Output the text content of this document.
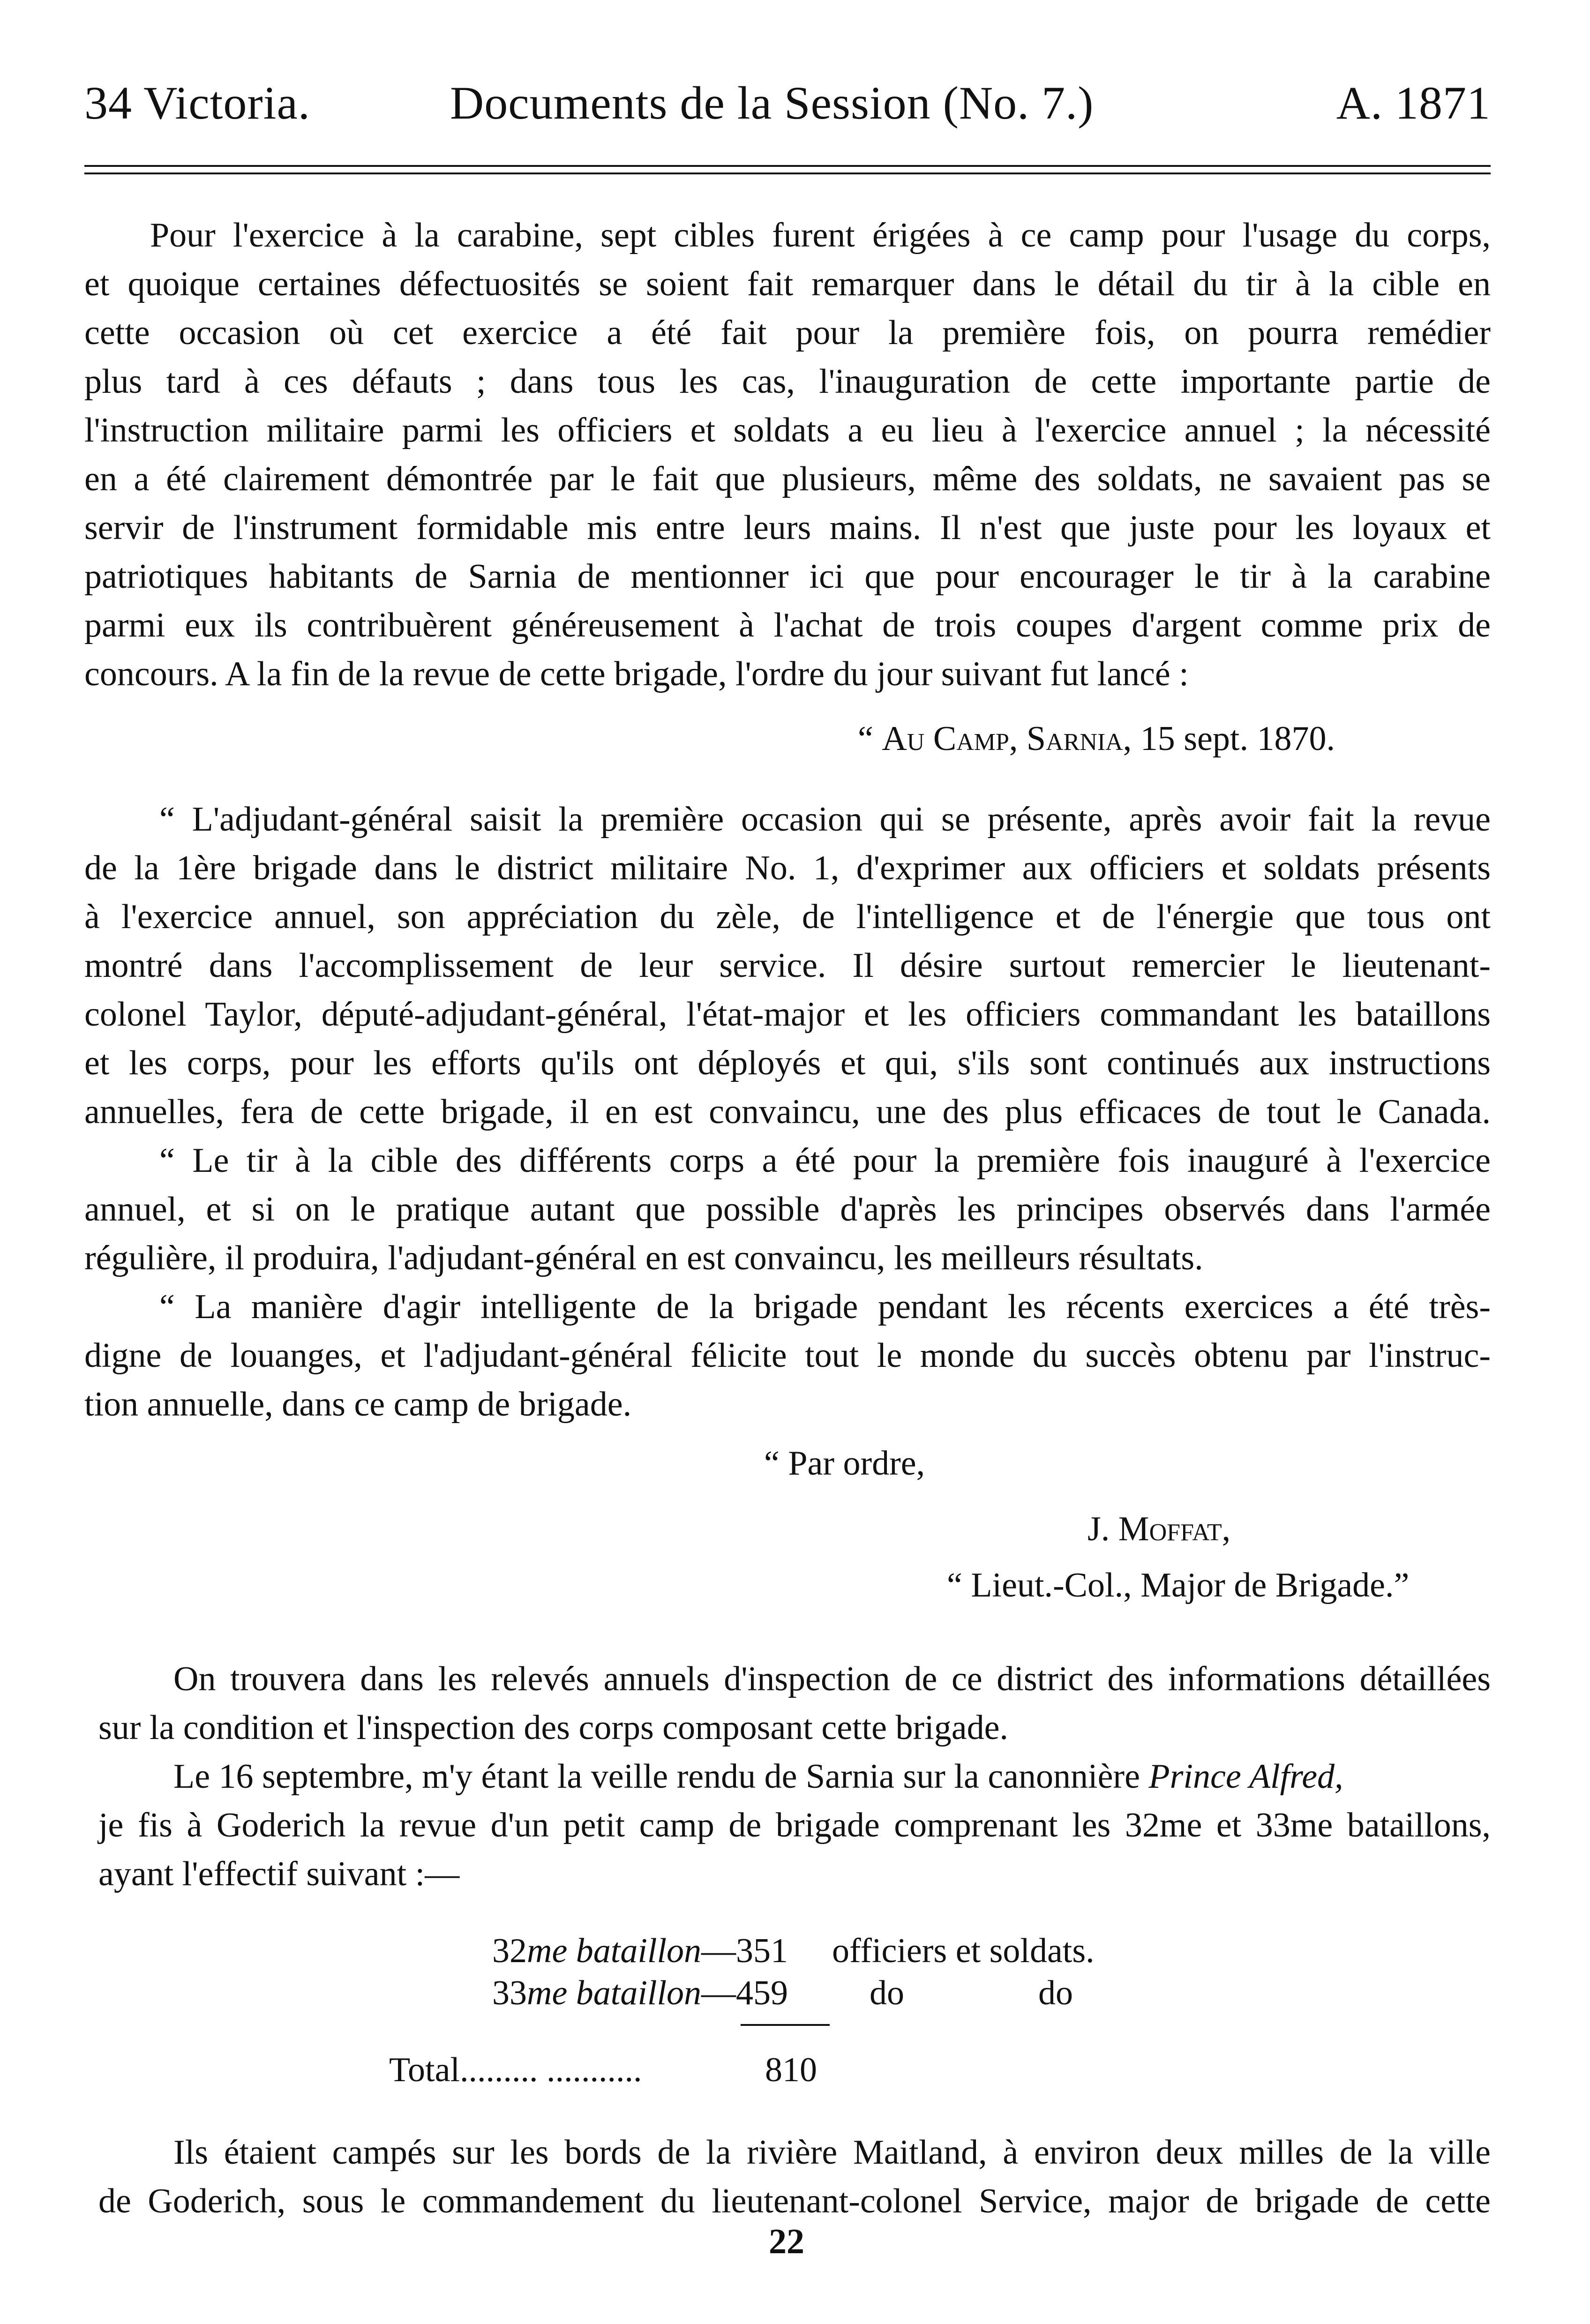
34 Victoria.	Documents de la Session (No. 7.)	A. 1871
Pour l'exercice à la carabine, sept cibles furent érigées à ce camp pour l'usage du corps,
et quoique certaines défectuosités se soient fait remarquer dans le détail du tir à la cible en
cette occasion où cet exercice a été fait pour la première fois, on pourra remédier
plus tard à ces défauts ; dans tous les cas, l'inauguration de cette importante partie de
l'instruction militaire parmi les officiers et soldats a eu lieu à l'exercice annuel ; la nécessité
en a été clairement démontrée par le fait que plusieurs, même des soldats, ne savaient pas se
servir de l'instrument formidable mis entre leurs mains. Il n'est que juste pour les loyaux et
patriotiques habitants de Sarnia de mentionner ici que pour encourager le tir à la carabine
parmi eux ils contribuèrent généreusement à l'achat de trois coupes d'argent comme prix de
concours. A la fin de la revue de cette brigade, l'ordre du jour suivant fut lancé :
“ Au Camp, Sarnia, 15 sept. 1870.
“ L'adjudant-général saisit la première occasion qui se présente, après avoir fait la revue
de la 1ère brigade dans le district militaire No. 1, d'exprimer aux officiers et soldats présents
à l'exercice annuel, son appréciation du zèle, de l'intelligence et de l'énergie que tous ont
montré dans l'accomplissement de leur service. Il désire surtout remercier le lieutenant-
colonel Taylor, député-adjudant-général, l'état-major et les officiers commandant les bataillons
et les corps, pour les efforts qu'ils ont déployés et qui, s'ils sont continués aux instructions
annuelles, fera de cette brigade, il en est convaincu, une des plus efficaces de tout le Canada.
“ Le tir à la cible des différents corps a été pour la première fois inauguré à l'exercice
annuel, et si on le pratique autant que possible d'après les principes observés dans l'armée
régulière, il produira, l'adjudant-général en est convaincu, les meilleurs résultats.
“ La manière d'agir intelligente de la brigade pendant les récents exercices a été très-
digne de louanges, et l'adjudant-général félicite tout le monde du succès obtenu par l'instruc-
tion annuelle, dans ce camp de brigade.
“ Par ordre,
J. Moffat,
“ Lieut.-Col., Major de Brigade.”
On trouvera dans les relevés annuels d'inspection de ce district des informations détaillées
sur la condition et l'inspection des corps composant cette brigade.
Le 16 septembre, m'y étant la veille rendu de Sarnia sur la canonnière Prince Alfred,
je fis à Goderich la revue d'un petit camp de brigade comprenant les 32me et 33me bataillons,
ayant l'effectif suivant :—
32me bataillon—351 officiers et soldats.
33me bataillon—459 do	do
Total......... ...........	810
Ils étaient campés sur les bords de la rivière Maitland, à environ deux milles de la ville
de Goderich, sous le commandement du lieutenant-colonel Service, major de brigade de cette
22
